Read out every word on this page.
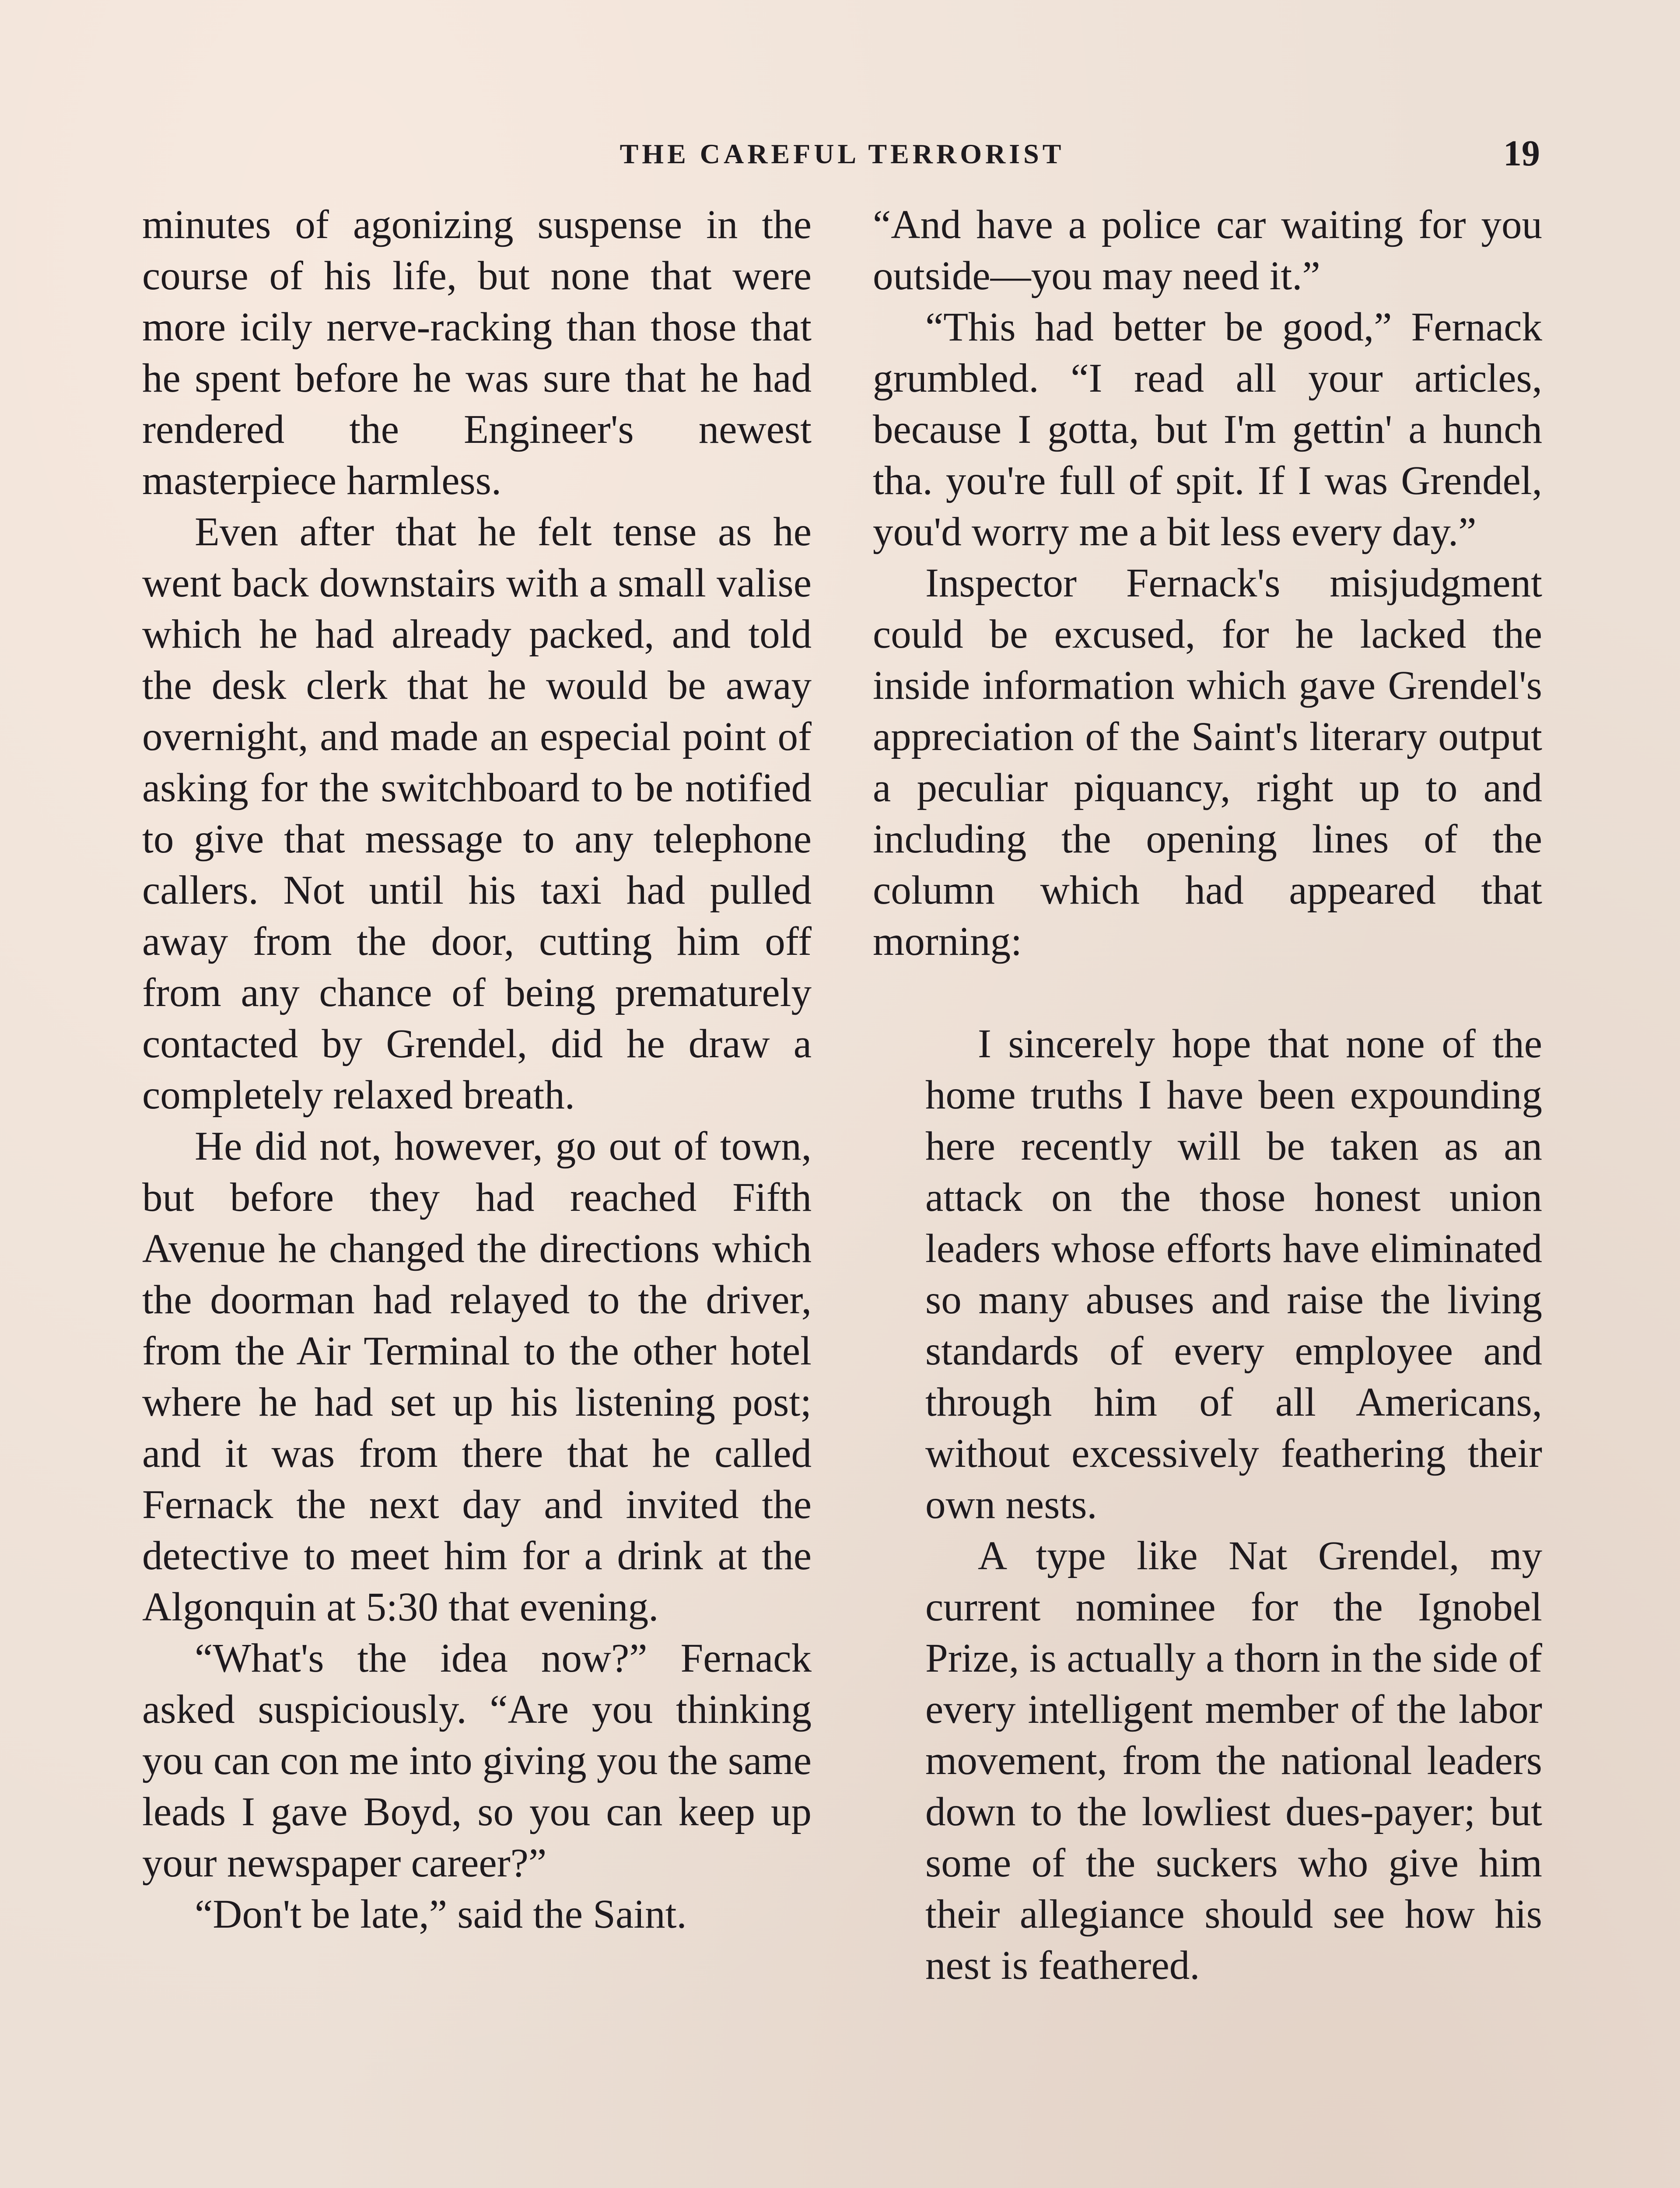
THE CAREFUL TERRORIST	19

minutes of agonizing suspense in the course of his life, but none that were more icily nerve-racking than those that he spent before he was sure that he had rendered the Engineer's newest masterpiece harmless.

Even after that he felt tense as he went back downstairs with a small valise which he had already packed, and told the desk clerk that he would be away overnight, and made an especial point of asking for the switchboard to be notified to give that message to any telephone callers. Not until his taxi had pulled away from the door, cutting him off from any chance of being prematurely contacted by Grendel, did he draw a completely relaxed breath.

He did not, however, go out of town, but before they had reached Fifth Avenue he changed the directions which the doorman had relayed to the driver, from the Air Terminal to the other hotel where he had set up his listening post; and it was from there that he called Fernack the next day and invited the detective to meet him for a drink at the Algonquin at 5:30 that evening.

“What's the idea now?” Fernack asked suspiciously. “Are you thinking you can con me into giving you the same leads I gave Boyd, so you can keep up your newspaper career?”

“Don't be late,” said the Saint.

“And have a police car waiting for you outside—you may need it.”

“This had better be good,” Fernack grumbled. “I read all your articles, because I gotta, but I'm gettin' a hunch tha. you're full of spit. If I was Grendel, you'd worry me a bit less every day.”

Inspector Fernack's misjudgment could be excused, for he lacked the inside information which gave Grendel's appreciation of the Saint's literary output a peculiar piquancy, right up to and including the opening lines of the column which had appeared that morning:

I sincerely hope that none of the home truths I have been expounding here recently will be taken as an attack on the those honest union leaders whose efforts have eliminated so many abuses and raise the living standards of every employee and through him of all Americans, without excessively feathering their own nests.

A type like Nat Grendel, my current nominee for the Ignobel Prize, is actually a thorn in the side of every intelligent member of the labor movement, from the national leaders down to the lowliest dues-payer; but some of the suckers who give him their allegiance should see how his nest is feathered.
